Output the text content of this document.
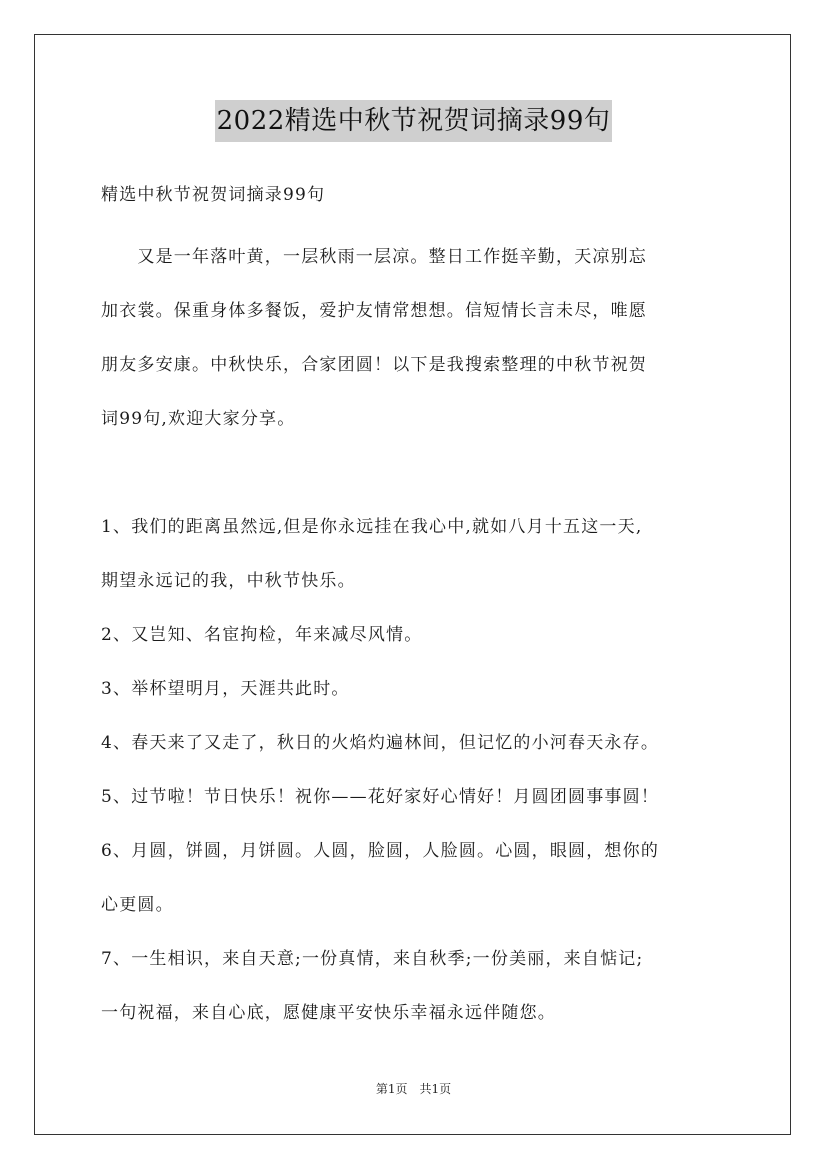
2022精选中秋节祝贺词摘录99句
精选中秋节祝贺词摘录99句

　　又是一年落叶黄，一层秋雨一层凉。整日工作挺辛勤，天凉别忘

加衣裳。保重身体多餐饭，爱护友情常想想。信短情长言未尽，唯愿

朋友多安康。中秋快乐，合家团圆！以下是我搜索整理的中秋节祝贺

词99句,欢迎大家分享。

1、我们的距离虽然远,但是你永远挂在我心中,就如八月十五这一天,

期望永远记的我，中秋节快乐。

2、又岂知、名宦拘检，年来减尽风情。

3、举杯望明月，天涯共此时。

4、春天来了又走了，秋日的火焰灼遍林间，但记忆的小河春天永存。

5、过节啦！节日快乐！祝你——花好家好心情好！月圆团圆事事圆！

6、月圆，饼圆，月饼圆。人圆，脸圆，人脸圆。心圆，眼圆，想你的

心更圆。

7、一生相识，来自天意;一份真情，来自秋季;一份美丽，来自惦记;

一句祝福，来自心底，愿健康平安快乐幸福永远伴随您。

第1页　共1页
